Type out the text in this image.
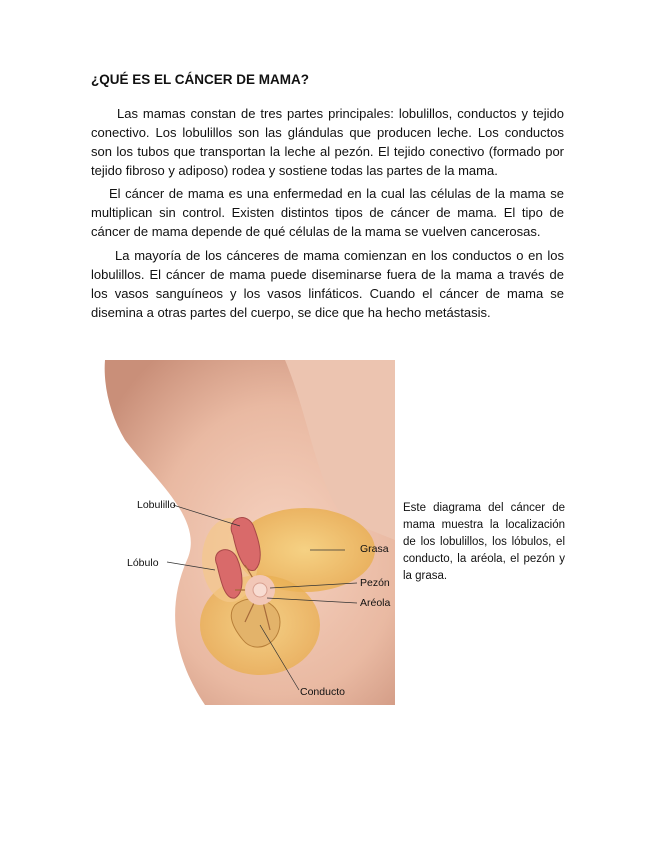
¿QUÉ ES EL CÁNCER DE MAMA?

Las mamas constan de tres partes principales: lobulillos, conductos y tejido conectivo. Los lobulillos son las glándulas que producen leche. Los conductos son los tubos que transportan la leche al pezón. El tejido conectivo (formado por tejido fibroso y adiposo) rodea y sostiene todas las partes de la mama.

El cáncer de mama es una enfermedad en la cual las células de la mama se multiplican sin control. Existen distintos tipos de cáncer de mama. El tipo de cáncer de mama depende de qué células de la mama se vuelven cancerosas.

La mayoría de los cánceres de mama comienzan en los conductos o en los lobulillos. El cáncer de mama puede diseminarse fuera de la mama a través de los vasos sanguíneos y los vasos linfáticos. Cuando el cáncer de mama se disemina a otras partes del cuerpo, se dice que ha hecho metástasis.

Lobulillo
Lóbulo
Grasa
Pezón
Aréola
Conducto
Este diagrama del cáncer de mama muestra la localización de los lobulillos, los lóbulos, el conducto, la aréola, el pezón y la grasa.
